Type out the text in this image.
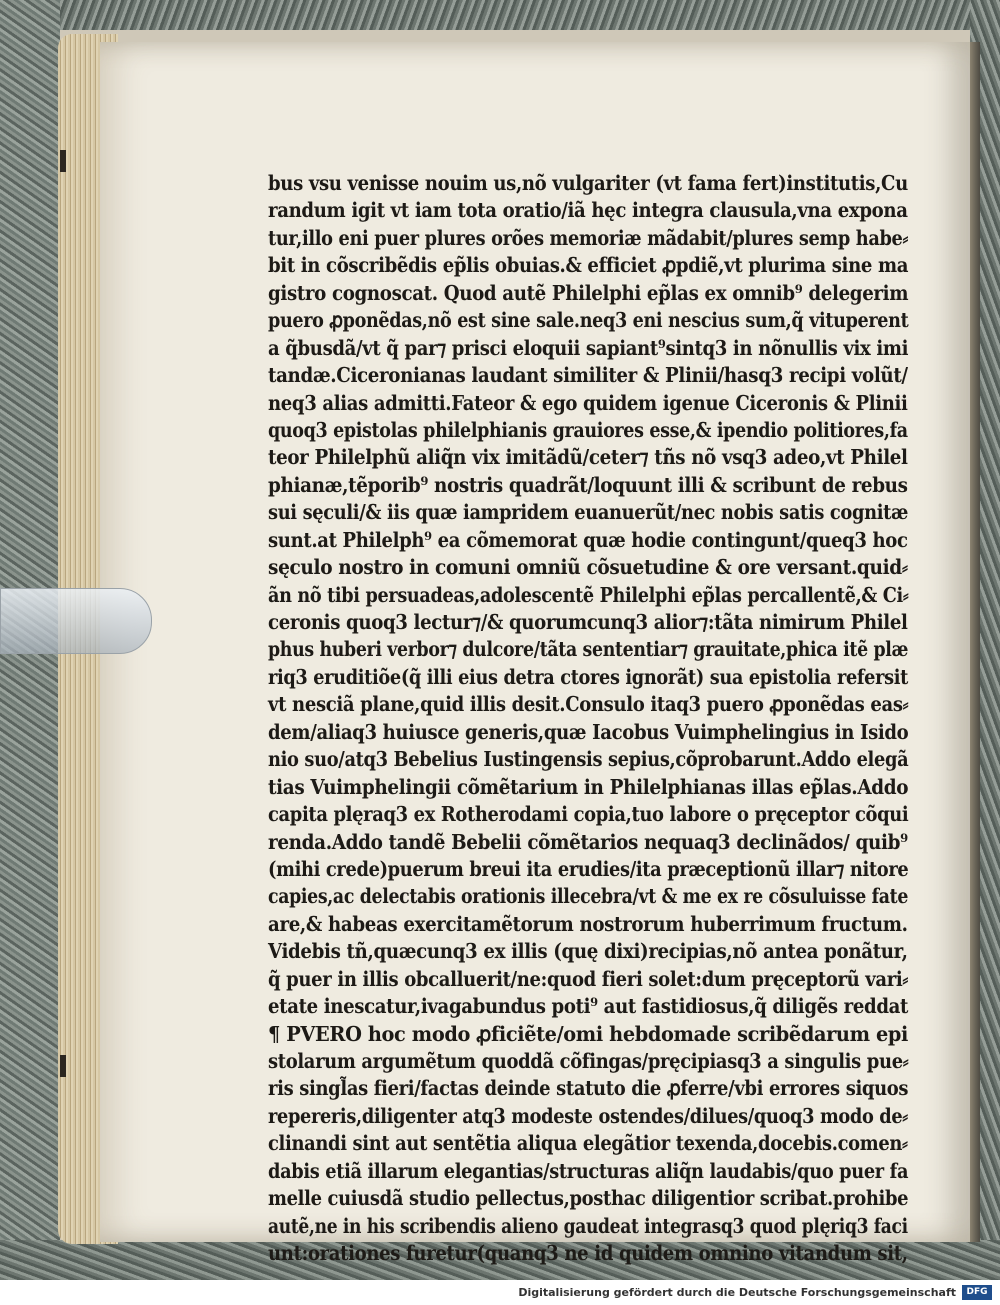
bus vsu venisse nouim us,nõ vulgariter (vt fama fert)institutis,Cu
randum igit vt iam tota oratio/iã hęc integra clausula,vna expona
tur,illo eni puer plures orões memoriæ mãdabit/plures semp habe⸗
bit in cõscribẽdis ep̃lis obuias.& efficiet ꝓpdiẽ,vt plurima sine ma
gistro cognoscat. Quod autẽ Philelphi ep̃las ex omnib⁹ delegerim
puero ꝓponẽdas,nõ est sine sale.neq3 eni nescius sum,q̃ vituperent
a q̃busdã/vt q̃ par⁊ prisci eloquii sapiant⁹sintq3 in nõnullis vix imi
tandæ.Ciceronianas laudant similiter & Plinii/hasq3 recipi volũt/
neq3 alias admitti.Fateor & ego quidem igenue Ciceronis & Plinii
quoq3 epistolas philelphianis grauiores esse,& ipendio politiores,fa
teor Philelphũ aliq̃n vix imitãdũ/ceter⁊ tñs nõ vsq3 adeo,vt Philel
phianæ,tẽporib⁹ nostris quadrãt/loquunt illi & scribunt de rebus
sui sęculi/& iis quæ iampridem euanuerũt/nec nobis satis cognitæ
sunt.at Philelph⁹ ea cõmemorat quæ hodie contingunt/queq3 hoc
sęculo nostro in comuni omniũ cõsuetudine & ore versant.quid⸗
ãn nõ tibi persuadeas,adolescentẽ Philelphi ep̃las percallentẽ,& Ci⸗
ceronis quoq3 lectur⁊/& quorumcunq3 alior⁊:tãta nimirum Philel
phus huberi verbor⁊ dulcore/tãta sententiar⁊ grauitate,phica itẽ plæ
riq3 eruditiõe(q̃ illi eius detra ctores ignorãt) sua epistolia refersit
vt nesciã plane,quid illis desit.Consulo itaq3 puero ꝓponẽdas eas⸗
dem/aliaq3 huiusce generis,quæ Iacobus Vuimphelingius in Isido
nio suo/atq3 Bebelius Iustingensis sepius,cõprobarunt.Addo elegã
tias Vuimphelingii cõmẽtarium in Philelphianas illas ep̃las.Addo
capita plęraq3 ex Rotherodami copia,tuo labore o pręceptor cõqui
renda.Addo tandẽ Bebelii cõmẽtarios nequaq3 declinãdos/ quib⁹
(mihi crede)puerum breui ita erudies/ita præceptionũ illar⁊ nitore
capies,ac delectabis orationis illecebra/vt & me ex re cõsuluisse fate
are,& habeas exercitamẽtorum nostrorum huberrimum fructum.
Videbis tñ,quæcunq3 ex illis (quę dixi)recipias,nõ antea ponãtur,
q̃ puer in illis obcalluerit/ne:quod fieri solet:dum pręceptorũ vari⸗
etate inescatur,ivagabundus poti⁹ aut fastidiosus,q̃ diligẽs reddat
¶ PVERO hoc modo ꝓficiẽte/omi hebdomade scribẽdarum epi
stolarum argumẽtum quoddã cõfingas/pręcipiasq3 a singulis pue⸗
ris singl̃as fieri/factas deinde statuto die ꝓferre/vbi errores siquos
repereris,diligenter atq3 modeste ostendes/dilues/quoq3 modo de⸗
clinandi sint aut sentẽtia aliqua elegãtior texenda,docebis.comen⸗
dabis etiã illarum elegantias/structuras aliq̃n laudabis/quo puer fa
melle cuiusdã studio pellectus,posthac diligentior scribat.prohibe
autẽ,ne in his scribendis alieno gaudeat integrasq3 quod plęriq3 faci
unt:orationes furetur(quanq3 ne id quidem omnino vitandum sit,
Digitalisierung gefördert durch die Deutsche Forschungsgemeinschaft	DFG
